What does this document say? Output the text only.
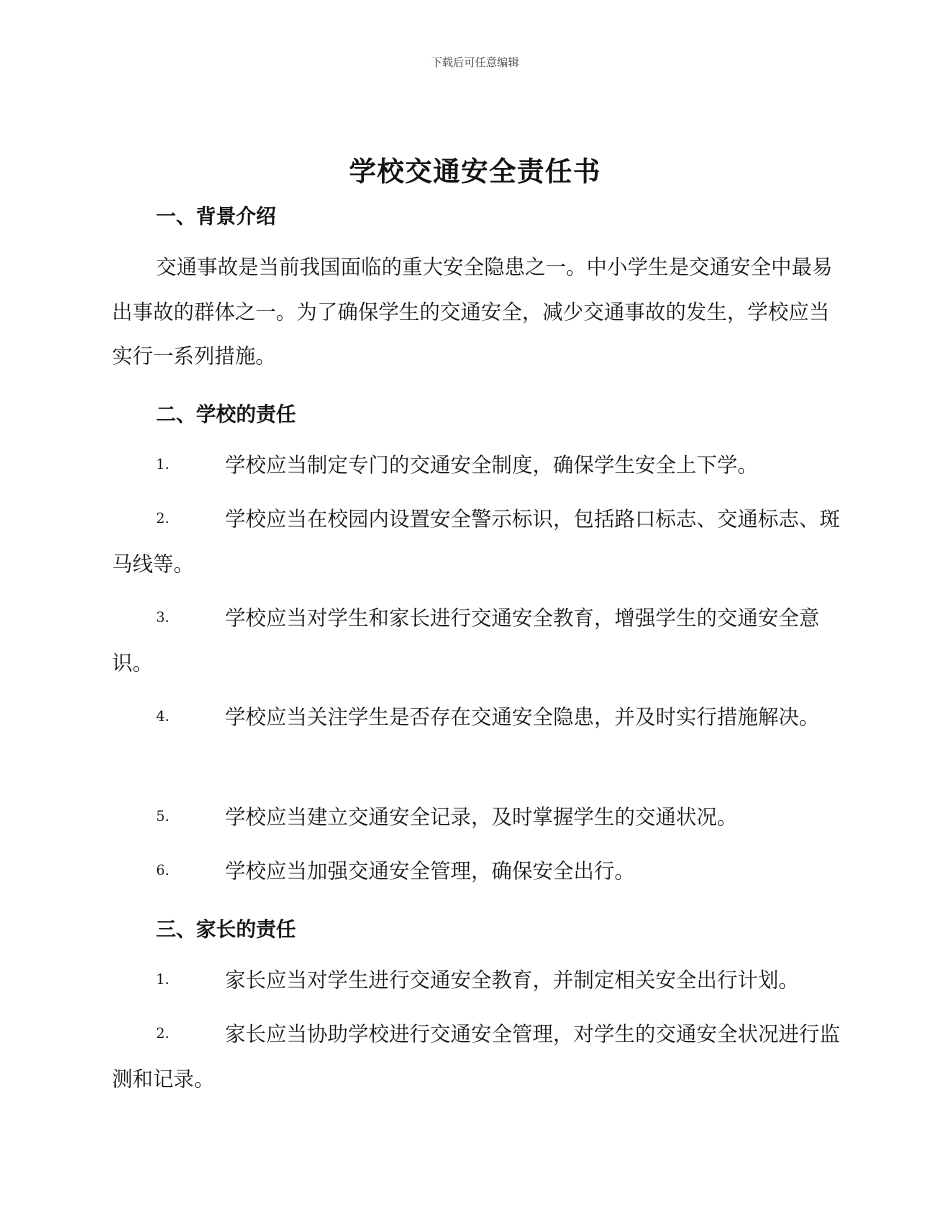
下载后可任意编辑
学校交通安全责任书
一、背景介绍
交通事故是当前我国面临的重大安全隐患之一。中小学生是交通安全中最易出事故的群体之一。为了确保学生的交通安全，减少交通事故的发生，学校应当实行一系列措施。
二、学校的责任
1.	学校应当制定专门的交通安全制度，确保学生安全上下学。
2.	学校应当在校园内设置安全警示标识，包括路口标志、交通标志、斑马线等。
3.	学校应当对学生和家长进行交通安全教育，增强学生的交通安全意识。
4.	学校应当关注学生是否存在交通安全隐患，并及时实行措施解决。
5.	学校应当建立交通安全记录，及时掌握学生的交通状况。
6.	学校应当加强交通安全管理，确保安全出行。
三、家长的责任
1.	家长应当对学生进行交通安全教育，并制定相关安全出行计划。
2.	家长应当协助学校进行交通安全管理，对学生的交通安全状况进行监测和记录。
